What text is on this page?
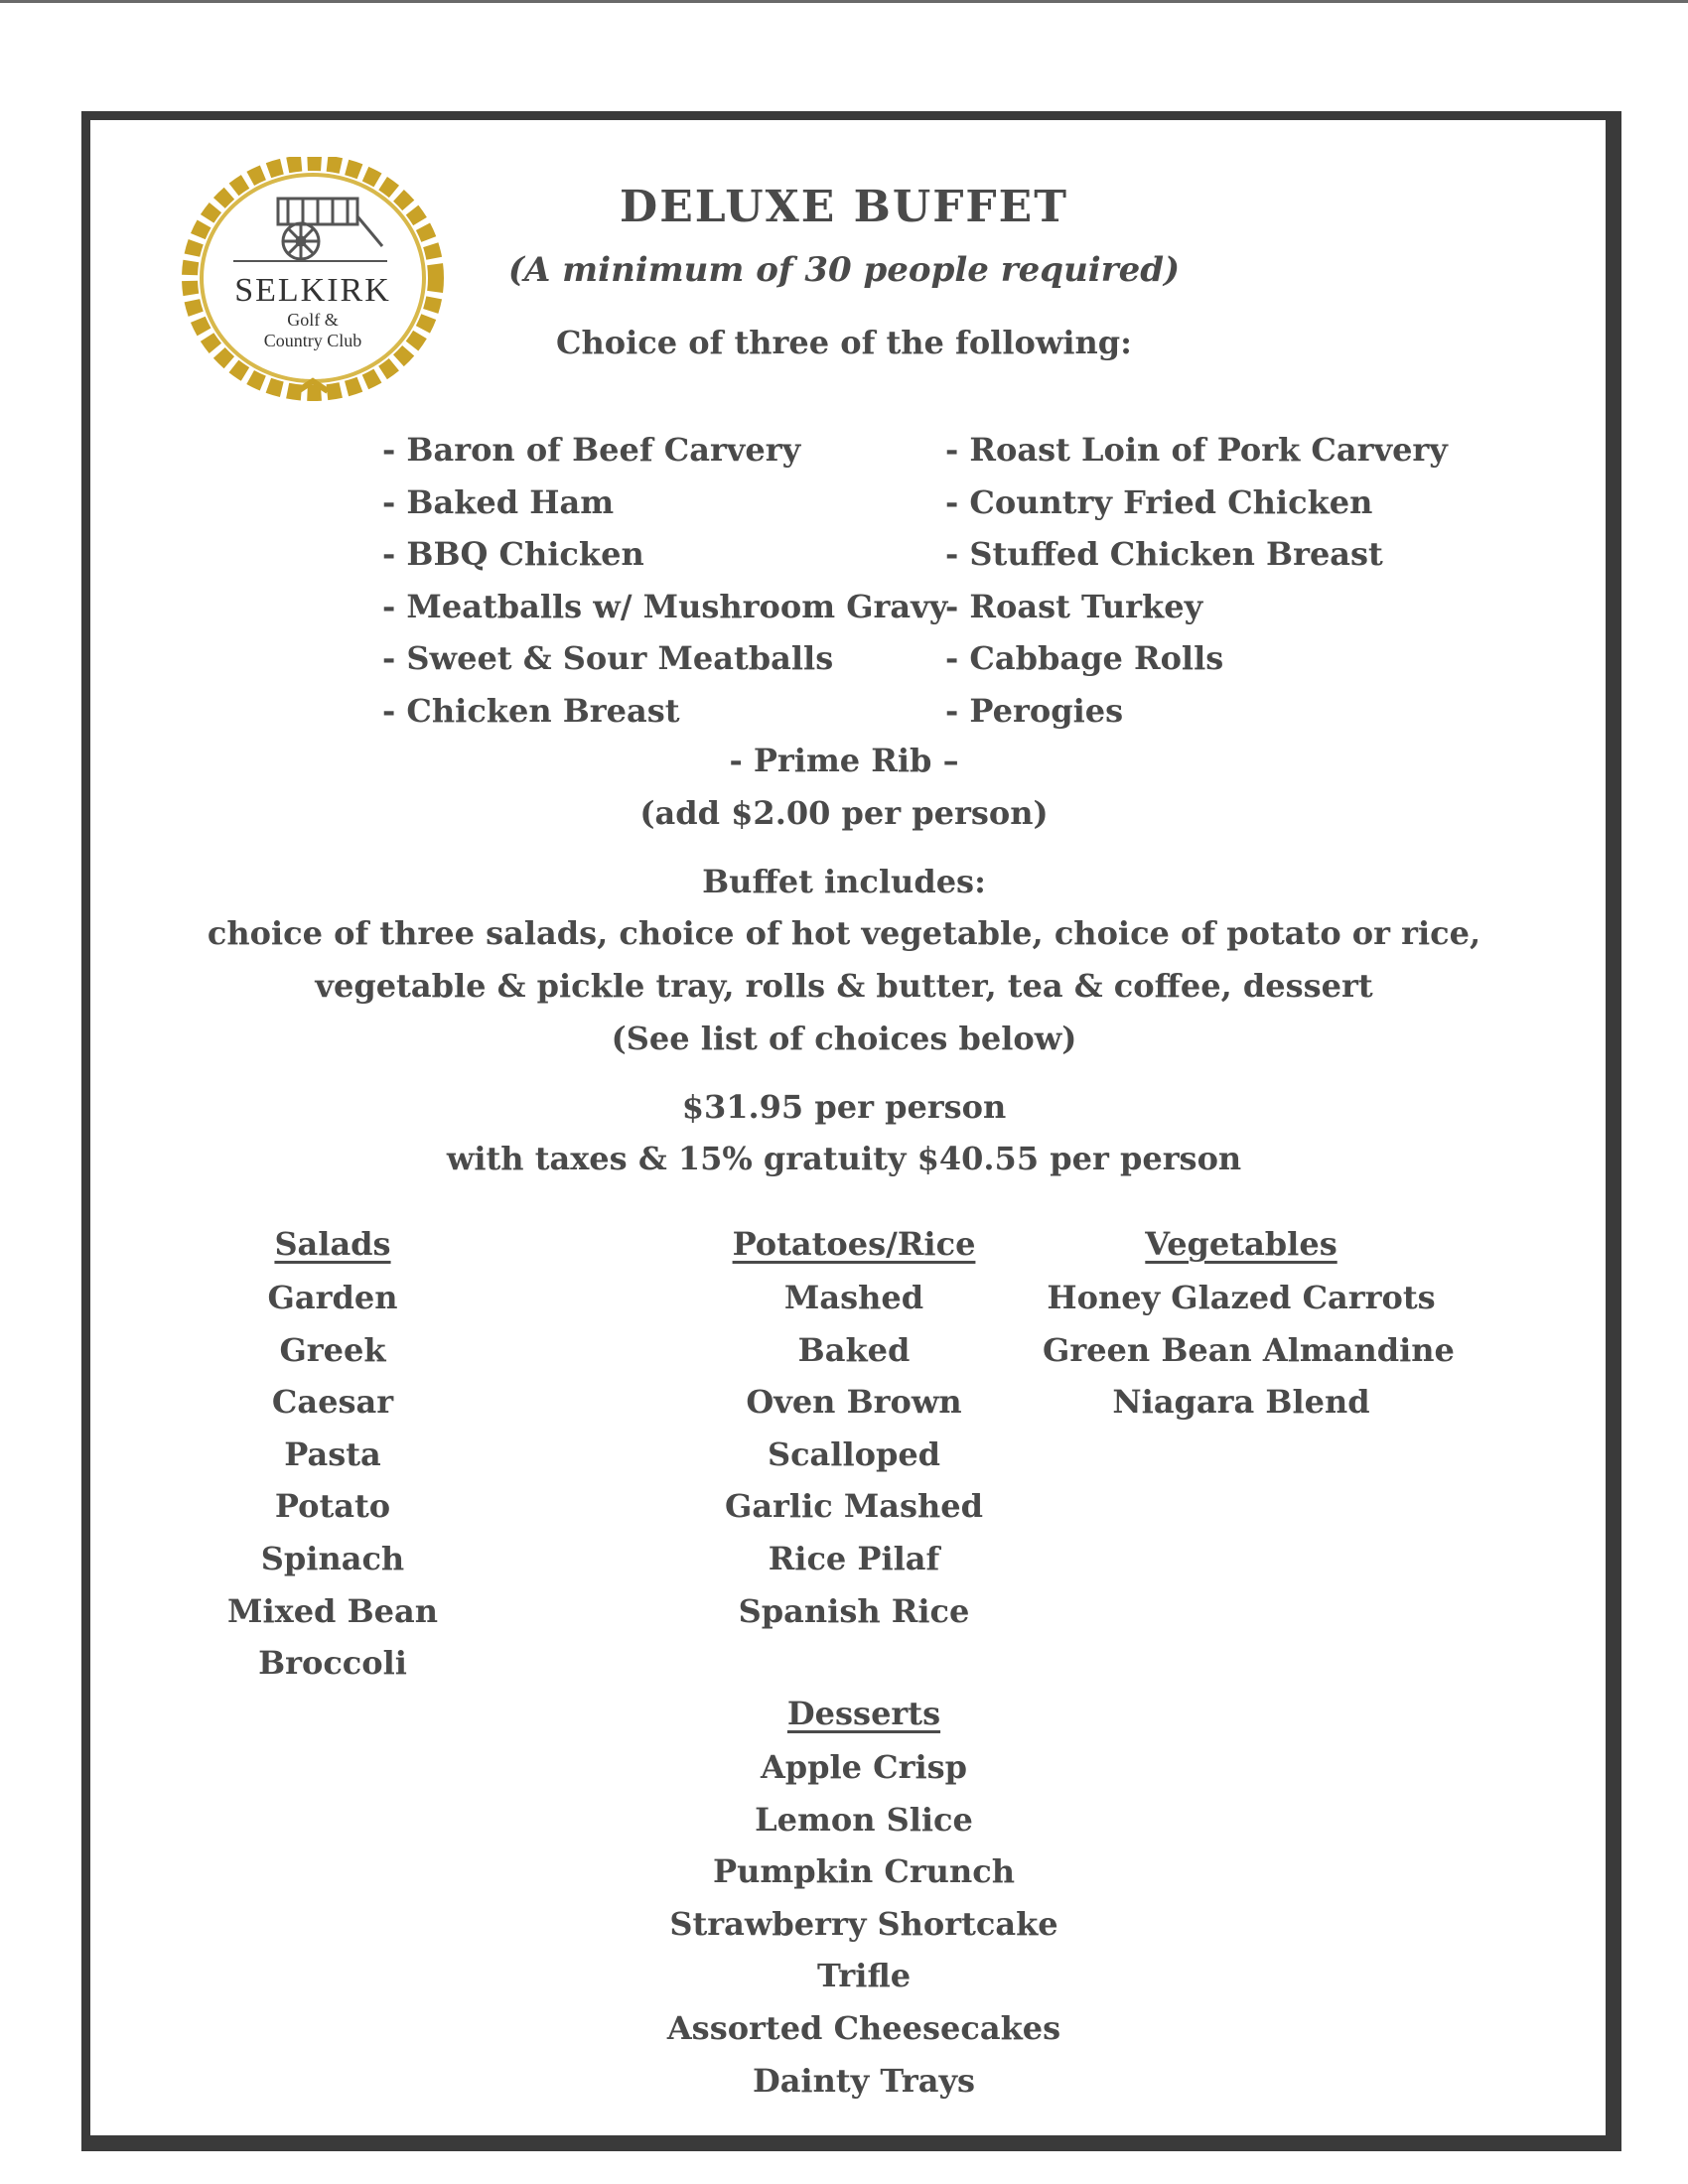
SELKIRK
Golf &
Country Club
DELUXE BUFFET
(A minimum of 30 people required)
Choice of three of the following:
- Baron of Beef Carvery
- Baked Ham
- BBQ Chicken
- Meatballs w/ Mushroom Gravy
- Sweet & Sour Meatballs
- Chicken Breast
- Roast Loin of Pork Carvery
- Country Fried Chicken
- Stuffed Chicken Breast
- Roast Turkey
- Cabbage Rolls
- Perogies
- Prime Rib –
(add $2.00 per person)
Buffet includes:
choice of three salads, choice of hot vegetable, choice of potato or rice,
vegetable & pickle tray, rolls & butter, tea & coffee, dessert
(See list of choices below)
$31.95 per person
with taxes & 15% gratuity $40.55 per person
Salads
Garden
Greek
Caesar
Pasta
Potato
Spinach
Mixed Bean
Broccoli
Potatoes/Rice
Mashed
Baked
Oven Brown
Scalloped
Garlic Mashed
Rice Pilaf
Spanish Rice
Vegetables
Honey Glazed Carrots
Green Bean Almandine
Niagara Blend
Desserts
Apple Crisp
Lemon Slice
Pumpkin Crunch
Strawberry Shortcake
Trifle
Assorted Cheesecakes
Dainty Trays
